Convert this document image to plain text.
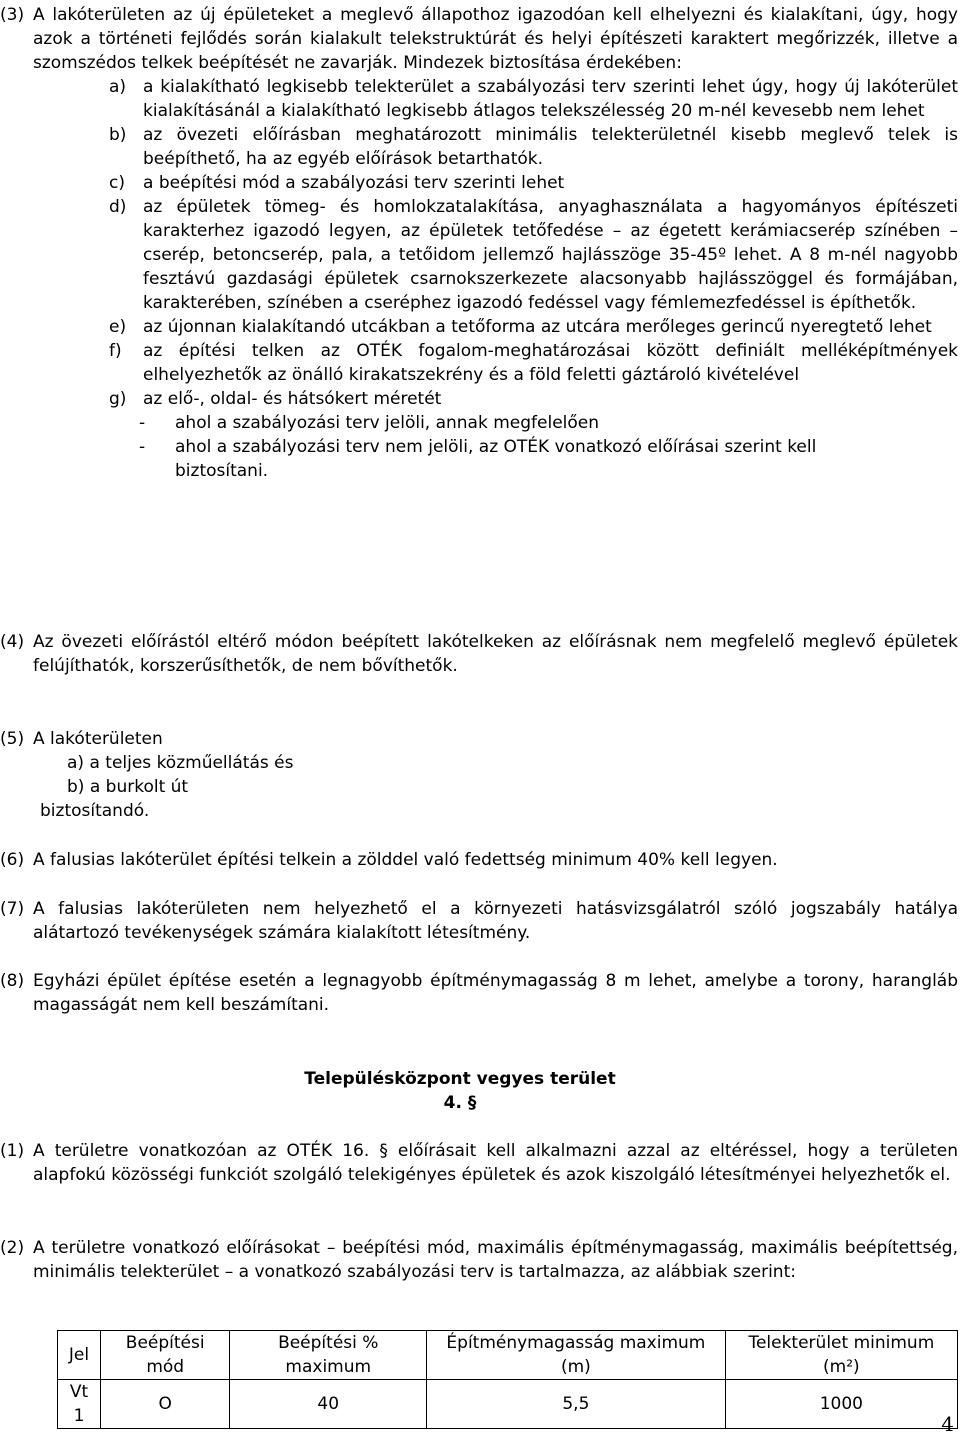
(3) A lakóterületen az új épületeket a meglevő állapothoz igazodóan kell elhelyezni és kialakítani, úgy, hogy azok a történeti fejlődés során kialakult telekstruktúrát és helyi építészeti karaktert megőrizzék, illetve a szomszédos telkek beépítését ne zavarják. Mindezek biztosítása érdekében:
a) a kialakítható legkisebb telekterület a szabályozási terv szerinti lehet úgy, hogy új lakóterület kialakításánál a kialakítható legkisebb átlagos telekszélesség 20 m-nél kevesebb nem lehet
b) az övezeti előírásban meghatározott minimális telekterületnél kisebb meglevő telek is beépíthető, ha az egyéb előírások betarthatók.
c) a beépítési mód a szabályozási terv szerinti lehet
d) az épületek tömeg- és homlokzatalakítása, anyaghasználata a hagyományos építészeti karakterhez igazodó legyen, az épületek tetőfedése – az égetett kerámiacserép színében – cserép, betoncserép, pala, a tetőidom jellemző hajlásszöge 35-45º lehet. A 8 m-nél nagyobb fesztávú gazdasági épületek csarnokszerkezete alacsonyabb hajlásszöggel és formájában, karakterében, színében a cseréphez igazodó fedéssel vagy fémlemezfedéssel is építhetők.
e) az újonnan kialakítandó utcákban a tetőforma az utcára merőleges gerincű nyeregtető lehet
f) az építési telken az OTÉK fogalom-meghatározásai között definiált melléképítmények elhelyezhetők az önálló kirakatszekrény és a föld feletti gáztároló kivételével
g) az elő-, oldal- és hátsókert méretét
- ahol a szabályozási terv jelöli, annak megfelelően
- ahol a szabályozási terv nem jelöli, az OTÉK vonatkozó előírásai szerint kell biztosítani.
(4) Az övezeti előírástól eltérő módon beépített lakótelkeken az előírásnak nem megfelelő meglevő épületek felújíthatók, korszerűsíthetők, de nem bővíthetők.
(5) A lakóterületen
a) a teljes közműellátás és
b) a burkolt út
biztosítandó.
(6) A falusias lakóterület építési telkein a zölddel való fedettség minimum 40% kell legyen.
(7) A falusias lakóterületen nem helyezhető el a környezeti hatásvizsgálatról szóló jogszabály hatálya alátartozó tevékenységek számára kialakított létesítmény.
(8) Egyházi épület építése esetén a legnagyobb építménymagasság 8 m lehet, amelybe a torony, harangláb magasságát nem kell beszámítani.
Településközpont vegyes terület
4. §
(1) A területre vonatkozóan az OTÉK 16. § előírásait kell alkalmazni azzal az eltéréssel, hogy a területen alapfokú közösségi funkciót szolgáló telekigényes épületek és azok kiszolgáló létesítményei helyezhetők el.
(2) A területre vonatkozó előírásokat – beépítési mód, maximális építménymagasság, maximális beépítettség, minimális telekterület – a vonatkozó szabályozási terv is tartalmazza, az alábbiak szerint:
Jel	Beépítési mód	Beépítési % maximum	Építménymagasság maximum (m)	Telekterület minimum (m²)
Vt 1	O	40	5,5	1000
4
